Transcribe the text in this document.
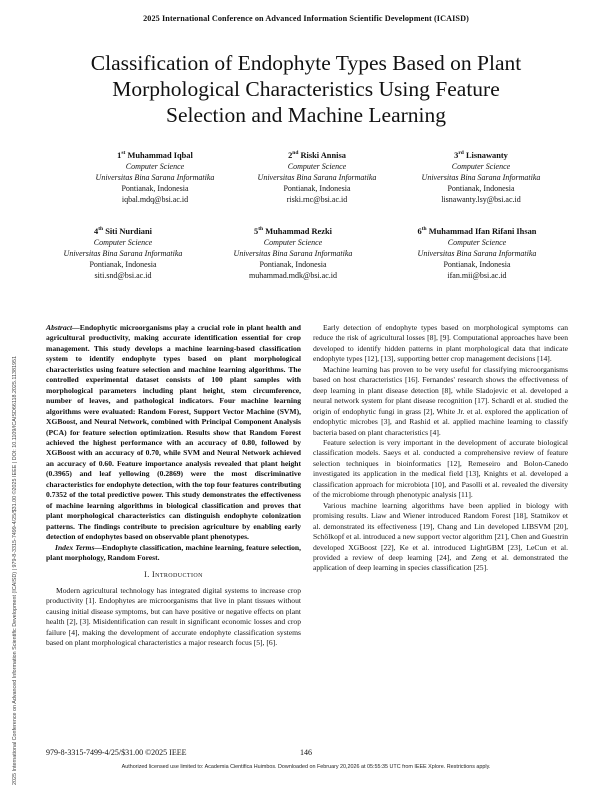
2025 International Conference on Advanced Information Scientific Development (ICAISD)
2025 International Conference on Advanced Information Scientific Development (ICAISD) | 979-8-3315-7499-4/25/$31.00 ©2025 IEEE | DOI: 10.1109/ICAISD66118.2025.11381951
Classification of Endophyte Types Based on Plant
Morphological Characteristics Using Feature
Selection and Machine Learning
1st Muhammad Iqbal
Computer Science
Universitas Bina Sarana Informatika
Pontianak, Indonesia
iqbal.mdq@bsi.ac.id
2nd Riski Annisa
Computer Science
Universitas Bina Sarana Informatika
Pontianak, Indonesia
riski.rnc@bsi.ac.id
3rd Lisnawanty
Computer Science
Universitas Bina Sarana Informatika
Pontianak, Indonesia
lisnawanty.lsy@bsi.ac.id
4th Siti Nurdiani
Computer Science
Universitas Bina Sarana Informatika
Pontianak, Indonesia
siti.snd@bsi.ac.id
5th Muhammad Rezki
Computer Science
Universitas Bina Sarana Informatika
Pontianak, Indonesia
muhammad.mdk@bsi.ac.id
6th Muhammad Ifan Rifani Ihsan
Computer Science
Universitas Bina Sarana Informatika
Pontianak, Indonesia
ifan.mii@bsi.ac.id

Abstract—Endophytic microorganisms play a crucial role in plant health and agricultural productivity, making accurate identification essential for crop management. This study develops a machine learning-based classification system to identify endophyte types based on plant morphological characteristics using feature selection and machine learning algorithms. The controlled experimental dataset consists of 100 plant samples with morphological parameters including plant height, stem circumference, number of leaves, and pathological indicators. Four machine learning algorithms were evaluated: Random Forest, Support Vector Machine (SVM), XGBoost, and Neural Network, combined with Principal Component Analysis (PCA) for feature selection optimization. Results show that Random Forest achieved the highest performance with an accuracy of 0.80, followed by XGBoost with an accuracy of 0.70, while SVM and Neural Network achieved an accuracy of 0.60. Feature importance analysis revealed that plant height (0.3965) and leaf yellowing (0.2869) were the most discriminative characteristics for endophyte detection, with the top four features contributing 0.7352 of the total predictive power. This study demonstrates the effectiveness of machine learning algorithms in biological classification and proves that plant morphological characteristics can distinguish endophyte colonization patterns. The findings contribute to precision agriculture by enabling early detection of endophytes based on observable plant phenotypes.

Index Terms—Endophyte classification, machine learning, feature selection, plant morphology, Random Forest.

I. Introduction

Modern agricultural technology has integrated digital systems to increase crop productivity [1]. Endophytes are microorganisms that live in plant tissues without causing initial disease symptoms, but can have positive or negative effects on plant health [2], [3]. Misidentification can result in significant economic losses and crop failure [4], making the development of accurate endophyte classification systems based on plant morphological characteristics a major research focus [5], [6].

Early detection of endophyte types based on morphological symptoms can reduce the risk of agricultural losses [8], [9]. Computational approaches have been developed to identify hidden patterns in plant morphological data that indicate endophyte types [12], [13], supporting better crop management decisions [14].

Machine learning has proven to be very useful for classifying microorganisms based on host characteristics [16]. Fernandes' research shows the effectiveness of deep learning in plant disease detection [8], while Sladojevic et al. developed a neural network system for plant disease recognition [17]. Schardl et al. studied the origin of endophytic fungi in grass [2], White Jr. et al. explored the application of endophytic microbes [3], and Rashid et al. applied machine learning to classify bacteria based on plant characteristics [4].

Feature selection is very important in the development of accurate biological classification models. Saeys et al. conducted a comprehensive review of feature selection techniques in bioinformatics [12], Remeseiro and Bolon-Canedo investigated its application in the medical field [13], Knights et al. developed a classification approach for microbiota [10], and Pasolli et al. revealed the diversity of the microbiome through phenotypic analysis [11].

Various machine learning algorithms have been applied in biology with promising results. Liaw and Wiener introduced Random Forest [18], Statnikov et al. demonstrated its effectiveness [19], Chang and Lin developed LIBSVM [20], Schölkopf et al. introduced a new support vector algorithm [21], Chen and Guestrin developed XGBoost [22], Ke et al. introduced LightGBM [23], LeCun et al. provided a review of deep learning [24], and Zeng et al. demonstrated the application of deep learning in species classification [25].

979-8-3315-7499-4/25/$31.00 ©2025 IEEE	146
Authorized licensed use limited to: Academia Cientifica Huimbos. Downloaded on February 20,2026 at 05:55:35 UTC from IEEE Xplore. Restrictions apply.
